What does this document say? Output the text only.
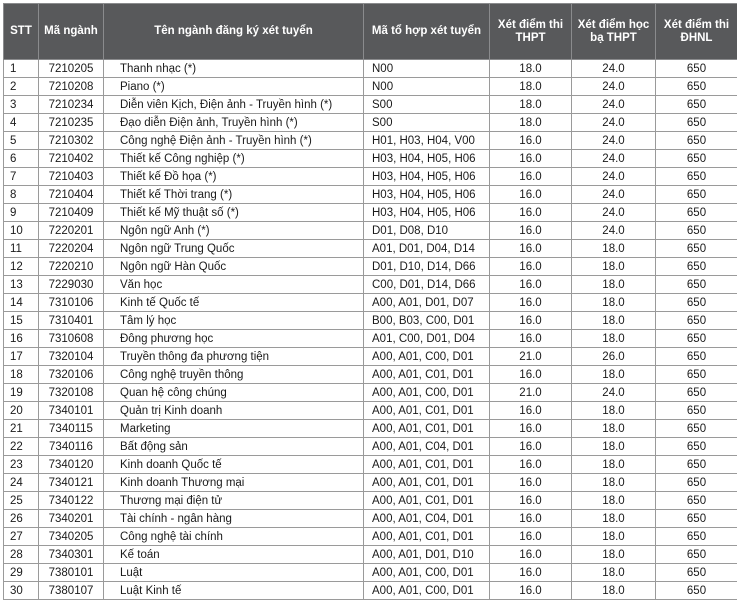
STT	Mã ngành	Tên ngành đăng ký xét tuyển	Mã tổ hợp xét tuyển	Xét điểm thi THPT	Xét điểm học bạ THPT	Xét điểm thi ĐHNL
1	7210205	Thanh nhạc (*)	N00	18.0	24.0	650
2	7210208	Piano (*)	N00	18.0	24.0	650
3	7210234	Diễn viên Kịch, Điện ảnh - Truyền hình (*)	S00	18.0	24.0	650
4	7210235	Đạo diễn Điện ảnh, Truyền hình (*)	S00	18.0	24.0	650
5	7210302	Công nghệ Điện ảnh - Truyền hình (*)	H01, H03, H04, V00	16.0	24.0	650
6	7210402	Thiết kế Công nghiệp (*)	H03, H04, H05, H06	16.0	24.0	650
7	7210403	Thiết kế Đồ họa (*)	H03, H04, H05, H06	16.0	24.0	650
8	7210404	Thiết kế Thời trang (*)	H03, H04, H05, H06	16.0	24.0	650
9	7210409	Thiết kế Mỹ thuật số (*)	H03, H04, H05, H06	16.0	24.0	650
10	7220201	Ngôn ngữ Anh (*)	D01, D08, D10	16.0	24.0	650
11	7220204	Ngôn ngữ Trung Quốc	A01, D01, D04, D14	16.0	18.0	650
12	7220210	Ngôn ngữ Hàn Quốc	D01, D10, D14, D66	16.0	18.0	650
13	7229030	Văn học	C00, D01, D14, D66	16.0	18.0	650
14	7310106	Kinh tế Quốc tế	A00, A01, D01, D07	16.0	18.0	650
15	7310401	Tâm lý học	B00, B03, C00, D01	16.0	18.0	650
16	7310608	Đông phương học	A01, C00, D01, D04	16.0	18.0	650
17	7320104	Truyền thông đa phương tiện	A00, A01, C00, D01	21.0	26.0	650
18	7320106	Công nghệ truyền thông	A00, A01, C01, D01	16.0	18.0	650
19	7320108	Quan hệ công chúng	A00, A01, C00, D01	21.0	24.0	650
20	7340101	Quản trị Kinh doanh	A00, A01, C01, D01	16.0	18.0	650
21	7340115	Marketing	A00, A01, C01, D01	16.0	18.0	650
22	7340116	Bất động sản	A00, A01, C04, D01	16.0	18.0	650
23	7340120	Kinh doanh Quốc tế	A00, A01, C01, D01	16.0	18.0	650
24	7340121	Kinh doanh Thương mại	A00, A01, C01, D01	16.0	18.0	650
25	7340122	Thương mại điện tử	A00, A01, C01, D01	16.0	18.0	650
26	7340201	Tài chính - ngân hàng	A00, A01, C04, D01	16.0	18.0	650
27	7340205	Công nghệ tài chính	A00, A01, C01, D01	16.0	18.0	650
28	7340301	Kế toán	A00, A01, D01, D10	16.0	18.0	650
29	7380101	Luật	A00, A01, C00, D01	16.0	18.0	650
30	7380107	Luật Kinh tế	A00, A01, C00, D01	16.0	18.0	650
